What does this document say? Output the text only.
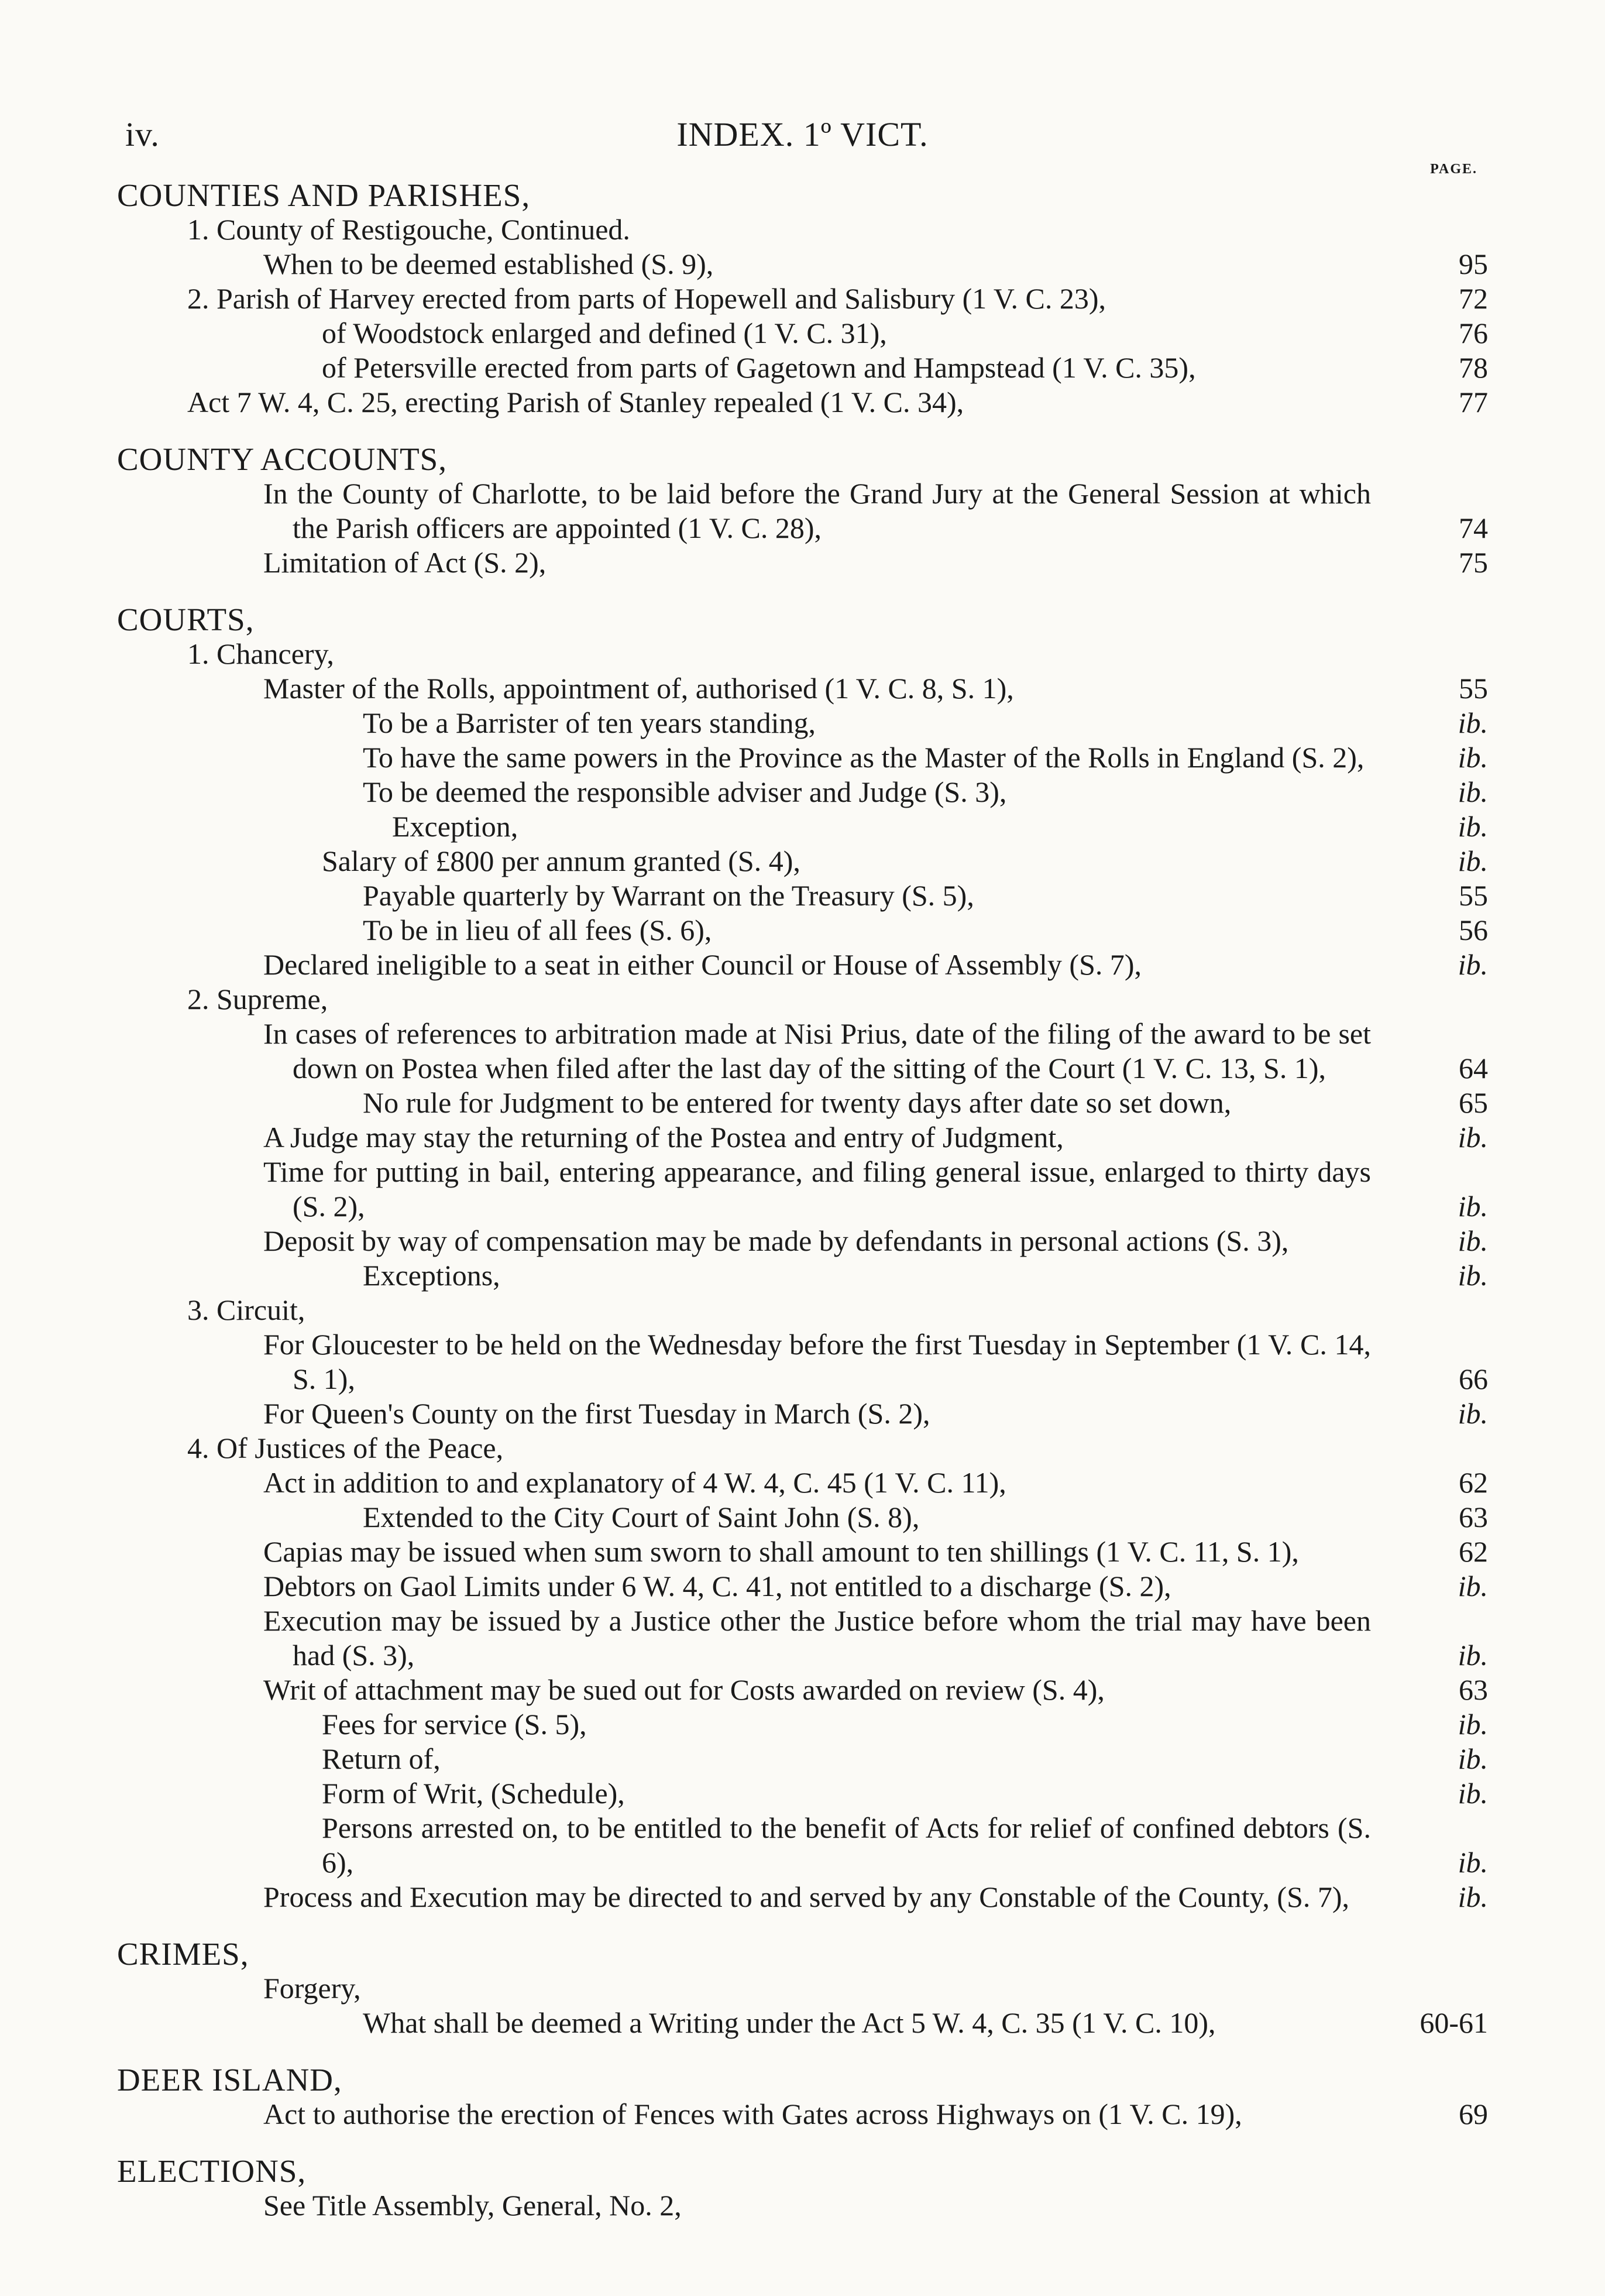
iv.	INDEX. 1º VICT.
PAGE.
COUNTIES AND PARISHES,
1. County of Restigouche, Continued.
When to be deemed established (S. 9),	95
2. Parish of Harvey erected from parts of Hopewell and Salisbury (1 V. C. 23),	72
of Woodstock enlarged and defined (1 V. C. 31),	76
of Petersville erected from parts of Gagetown and Hampstead (1 V. C. 35),	78
Act 7 W. 4, C. 25, erecting Parish of Stanley repealed (1 V. C. 34),	77
COUNTY ACCOUNTS,
In the County of Charlotte, to be laid before the Grand Jury at the General Session at which the Parish officers are appointed (1 V. C. 28),	74
Limitation of Act (S. 2),	75
COURTS,
1. Chancery,
Master of the Rolls, appointment of, authorised (1 V. C. 8, S. 1),	55
To be a Barrister of ten years standing,	ib.
To have the same powers in the Province as the Master of the Rolls in England (S. 2),	ib.
To be deemed the responsible adviser and Judge (S. 3),	ib.
Exception,	ib.
Salary of £800 per annum granted (S. 4),	ib.
Payable quarterly by Warrant on the Treasury (S. 5),	55
To be in lieu of all fees (S. 6),	56
Declared ineligible to a seat in either Council or House of Assembly (S. 7),	ib.
2. Supreme,
In cases of references to arbitration made at Nisi Prius, date of the filing of the award to be set down on Postea when filed after the last day of the sitting of the Court (1 V. C. 13, S. 1),	64
No rule for Judgment to be entered for twenty days after date so set down,	65
A Judge may stay the returning of the Postea and entry of Judgment,	ib.
Time for putting in bail, entering appearance, and filing general issue, enlarged to thirty days (S. 2),	ib.
Deposit by way of compensation may be made by defendants in personal actions (S. 3),	ib.
Exceptions,	ib.
3. Circuit,
For Gloucester to be held on the Wednesday before the first Tuesday in September (1 V. C. 14, S. 1),	66
For Queen's County on the first Tuesday in March (S. 2),	ib.
4. Of Justices of the Peace,
Act in addition to and explanatory of 4 W. 4, C. 45 (1 V. C. 11),	62
Extended to the City Court of Saint John (S. 8),	63
Capias may be issued when sum sworn to shall amount to ten shillings (1 V. C. 11, S. 1),	62
Debtors on Gaol Limits under 6 W. 4, C. 41, not entitled to a discharge (S. 2),	ib.
Execution may be issued by a Justice other the Justice before whom the trial may have been had (S. 3),	ib.
Writ of attachment may be sued out for Costs awarded on review (S. 4),	63
Fees for service (S. 5),	ib.
Return of,	ib.
Form of Writ, (Schedule),	ib.
Persons arrested on, to be entitled to the benefit of Acts for relief of confined debtors (S. 6),	ib.
Process and Execution may be directed to and served by any Constable of the County, (S. 7),	ib.
CRIMES,
Forgery,
What shall be deemed a Writing under the Act 5 W. 4, C. 35 (1 V. C. 10),	60-61
DEER ISLAND,
Act to authorise the erection of Fences with Gates across Highways on (1 V. C. 19),	69
ELECTIONS,
See Title Assembly, General, No. 2,
